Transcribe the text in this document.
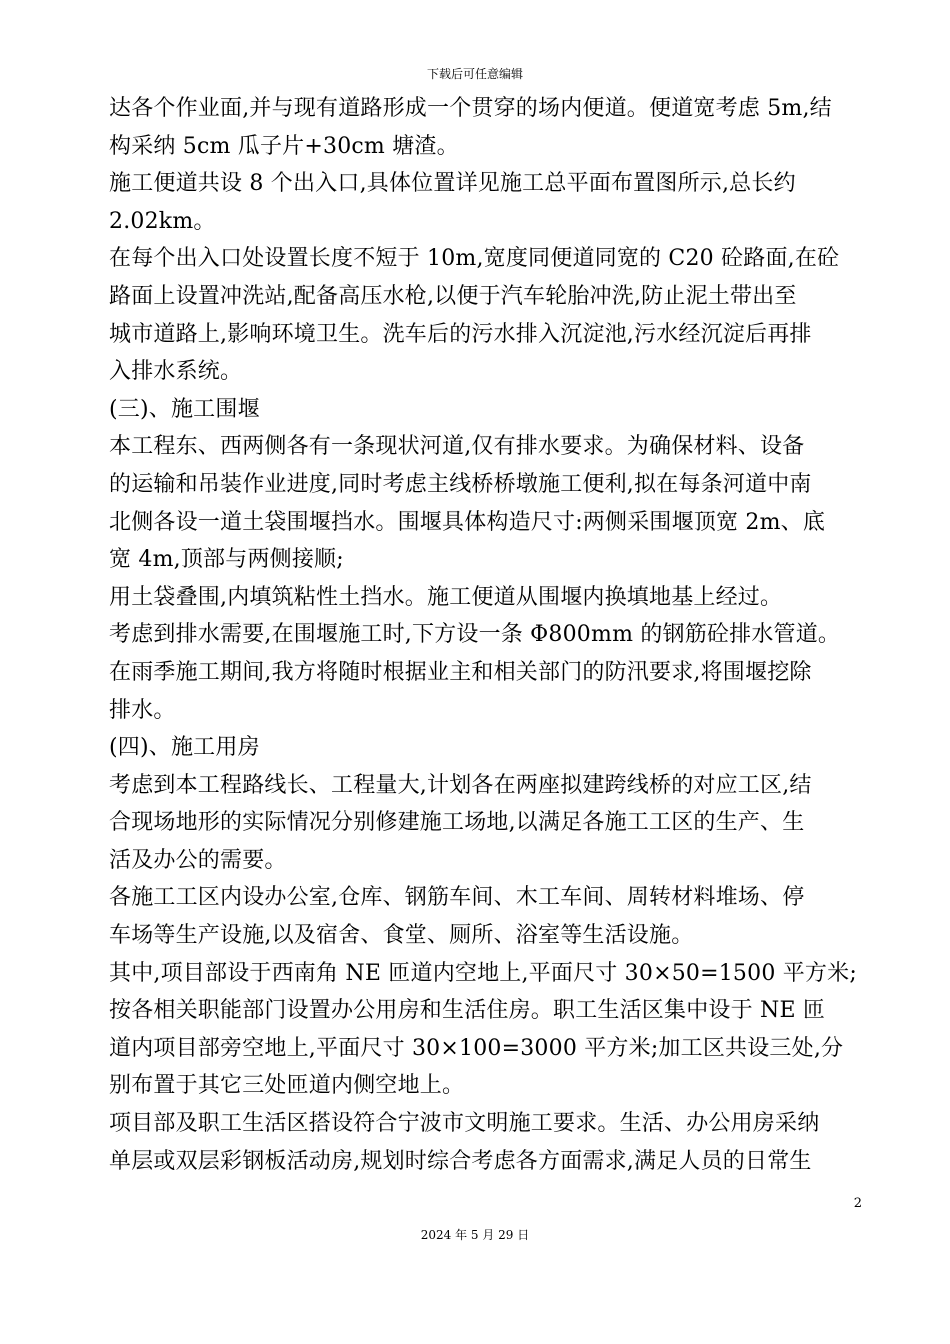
下载后可任意编辑
达各个作业面,并与现有道路形成一个贯穿的场内便道。便道宽考虑 5m,结
构采纳 5cm 瓜子片+30cm 塘渣。
施工便道共设 8 个出入口,具体位置详见施工总平面布置图所示,总长约
2.02km。
在每个出入口处设置长度不短于 10m,宽度同便道同宽的 C20 砼路面,在砼
路面上设置冲洗站,配备高压水枪,以便于汽车轮胎冲洗,防止泥土带出至
城市道路上,影响环境卫生。洗车后的污水排入沉淀池,污水经沉淀后再排
入排水系统。
(三)、施工围堰
本工程东、西两侧各有一条现状河道,仅有排水要求。为确保材料、设备
的运输和吊装作业进度,同时考虑主线桥桥墩施工便利,拟在每条河道中南
北侧各设一道土袋围堰挡水。围堰具体构造尺寸:两侧采围堰顶宽 2m、底
宽 4m,顶部与两侧接顺;
用土袋叠围,内填筑粘性土挡水。施工便道从围堰内换填地基上经过。
考虑到排水需要,在围堰施工时,下方设一条 Φ800mm 的钢筋砼排水管道。
在雨季施工期间,我方将随时根据业主和相关部门的防汛要求,将围堰挖除
排水。
(四)、施工用房
考虑到本工程路线长、工程量大,计划各在两座拟建跨线桥的对应工区,结
合现场地形的实际情况分别修建施工场地,以满足各施工工区的生产、生
活及办公的需要。
各施工工区内设办公室,仓库、钢筋车间、木工车间、周转材料堆场、停
车场等生产设施,以及宿舍、食堂、厕所、浴室等生活设施。
其中,项目部设于西南角 NE 匝道内空地上,平面尺寸 30×50=1500 平方米;
按各相关职能部门设置办公用房和生活住房。职工生活区集中设于 NE 匝
道内项目部旁空地上,平面尺寸 30×100=3000 平方米;加工区共设三处,分
别布置于其它三处匝道内侧空地上。
项目部及职工生活区搭设符合宁波市文明施工要求。生活、办公用房采纳
单层或双层彩钢板活动房,规划时综合考虑各方面需求,满足人员的日常生
2
2024 年 5 月 29 日
